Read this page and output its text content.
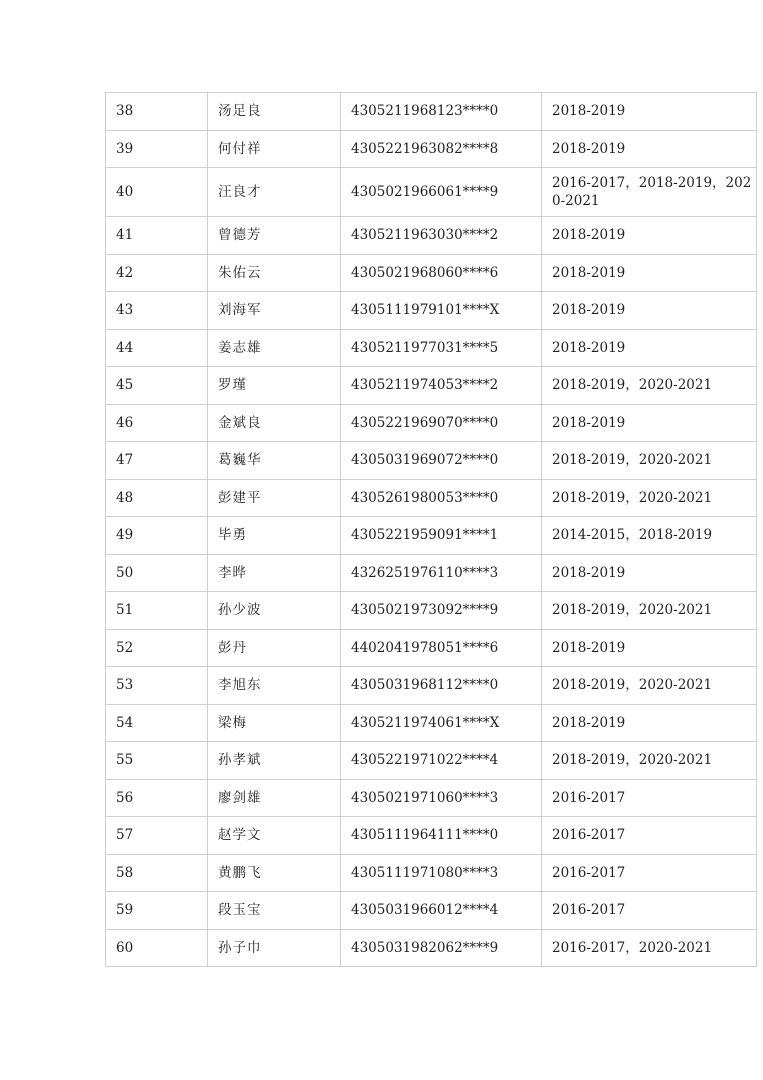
38	汤足良	4305211968123****0	2018-2019
39	何付祥	4305221963082****8	2018-2019
40	汪良才	4305021966061****9	2016-2017，2018-2019，2020-2021
41	曾德芳	4305211963030****2	2018-2019
42	朱佑云	4305021968060****6	2018-2019
43	刘海军	4305111979101****X	2018-2019
44	姜志雄	4305211977031****5	2018-2019
45	罗瑾	4305211974053****2	2018-2019，2020-2021
46	金斌良	4305221969070****0	2018-2019
47	葛巍华	4305031969072****0	2018-2019，2020-2021
48	彭建平	4305261980053****0	2018-2019，2020-2021
49	毕勇	4305221959091****1	2014-2015，2018-2019
50	李晔	4326251976110****3	2018-2019
51	孙少波	4305021973092****9	2018-2019，2020-2021
52	彭丹	4402041978051****6	2018-2019
53	李旭东	4305031968112****0	2018-2019，2020-2021
54	梁梅	4305211974061****X	2018-2019
55	孙孝斌	4305221971022****4	2018-2019，2020-2021
56	廖剑雄	4305021971060****3	2016-2017
57	赵学文	4305111964111****0	2016-2017
58	黄鹏飞	4305111971080****3	2016-2017
59	段玉宝	4305031966012****4	2016-2017
60	孙子巾	4305031982062****9	2016-2017，2020-2021
